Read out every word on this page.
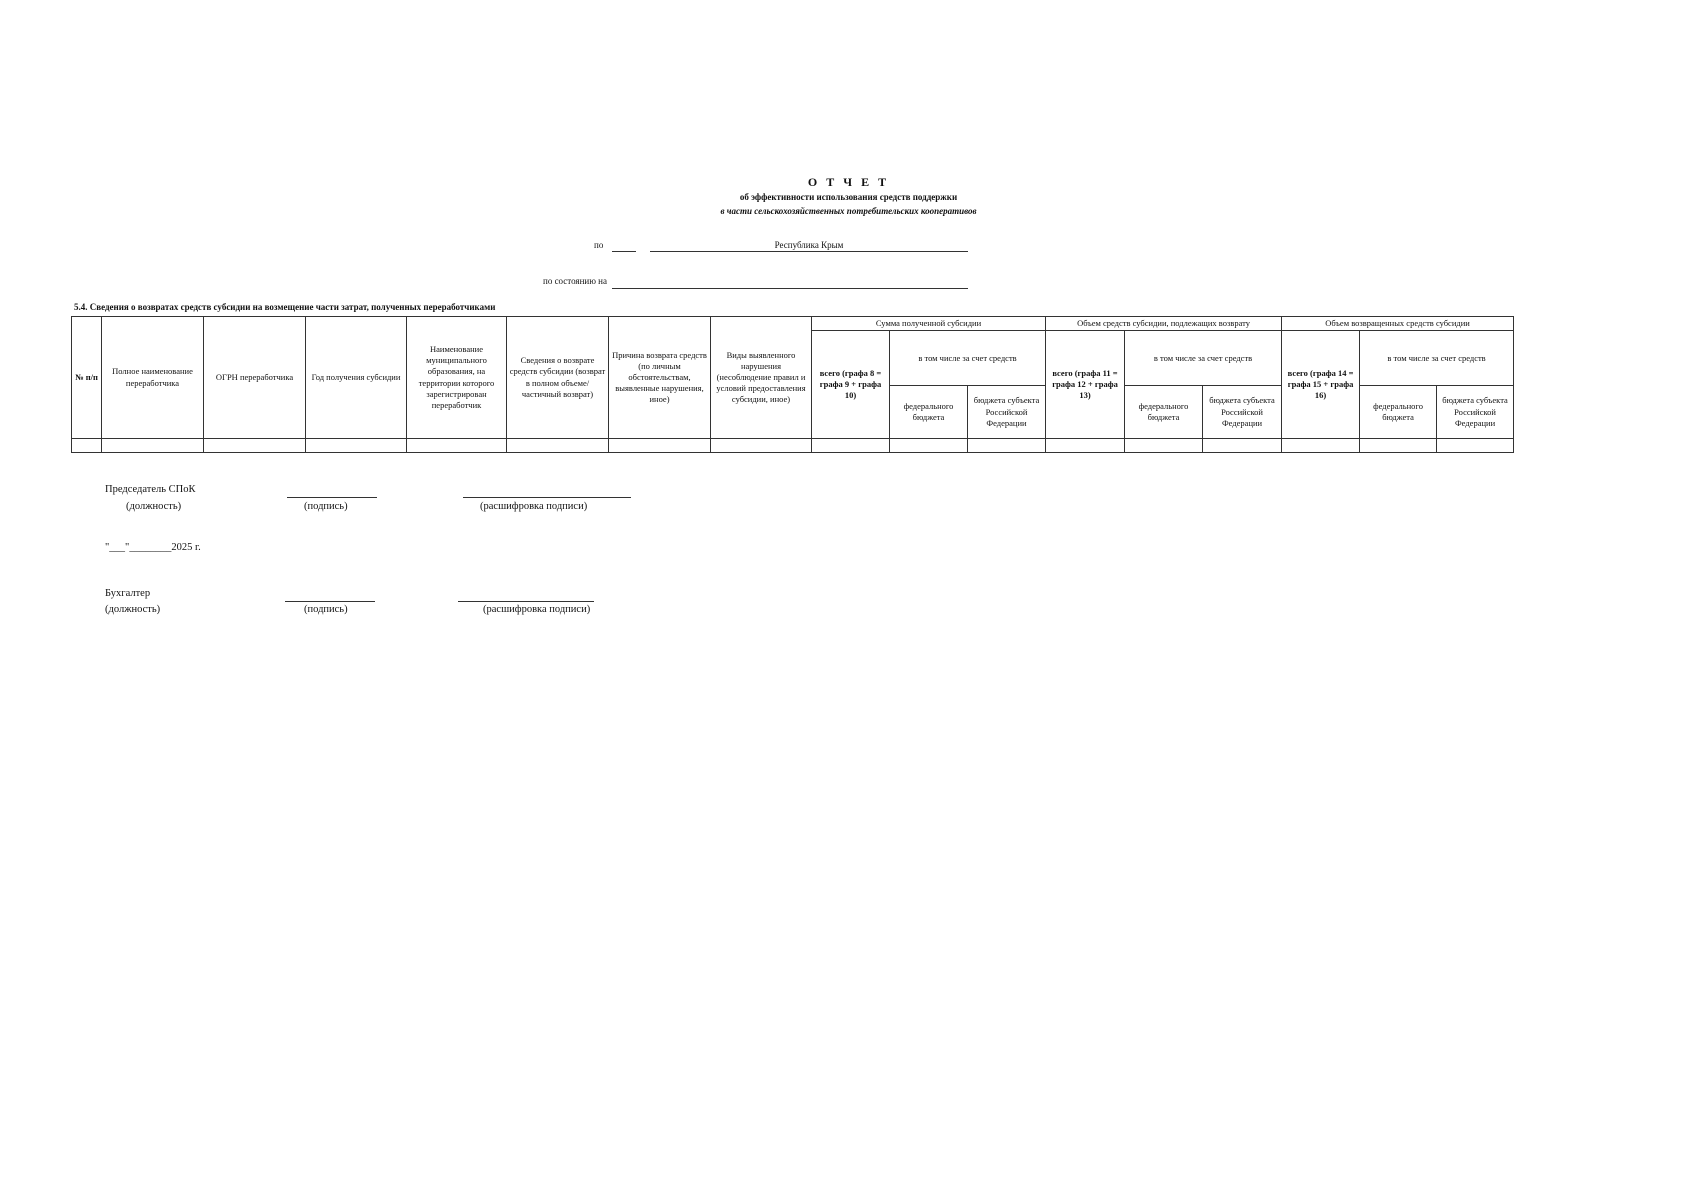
О Т Ч Е Т
об эффективности использования средств поддержки
в части сельскохозяйственных потребительских кооперативов
по	Республика Крым
по состоянию на
5.4. Сведения о возвратах средств субсидии на возмещение части затрат, полученных переработчиками
№ п/п	Полное наименование переработчика	ОГРН переработчика	Год получения субсидии	Наименование муниципального образования, на территории которого зарегистрирован переработчик	Сведения о возврате средств субсидии (возврат в полном объеме/ частичный возврат)	Причина возврата средств (по личным обстоятельствам, выявленные нарушения, иное)	Виды выявленного нарушения (несоблюдение правил и условий предоставления субсидии, иное)	Сумма полученной субсидии			Объем средств субсидии, подлежащих возврату			Объем возвращенных средств субсидии		
								всего (графа 8 = графа 9 + графа 10)	в том числе за счет средств		всего (графа 11 = графа 12 + графа 13)	в том числе за счет средств		всего (графа 14 = графа 15 + графа 16)	в том числе за счет средств	
									федерального бюджета	бюджета субъекта Российской Федерации		федерального бюджета	бюджета субъекта Российской Федерации		федерального бюджета	бюджета субъекта Российской Федерации

Председатель СПоК
(должность)	(подпись)	(расшифровка подписи)
"___"________2025 г.
Бухгалтер
(должность)	(подпись)	(расшифровка подписи)
